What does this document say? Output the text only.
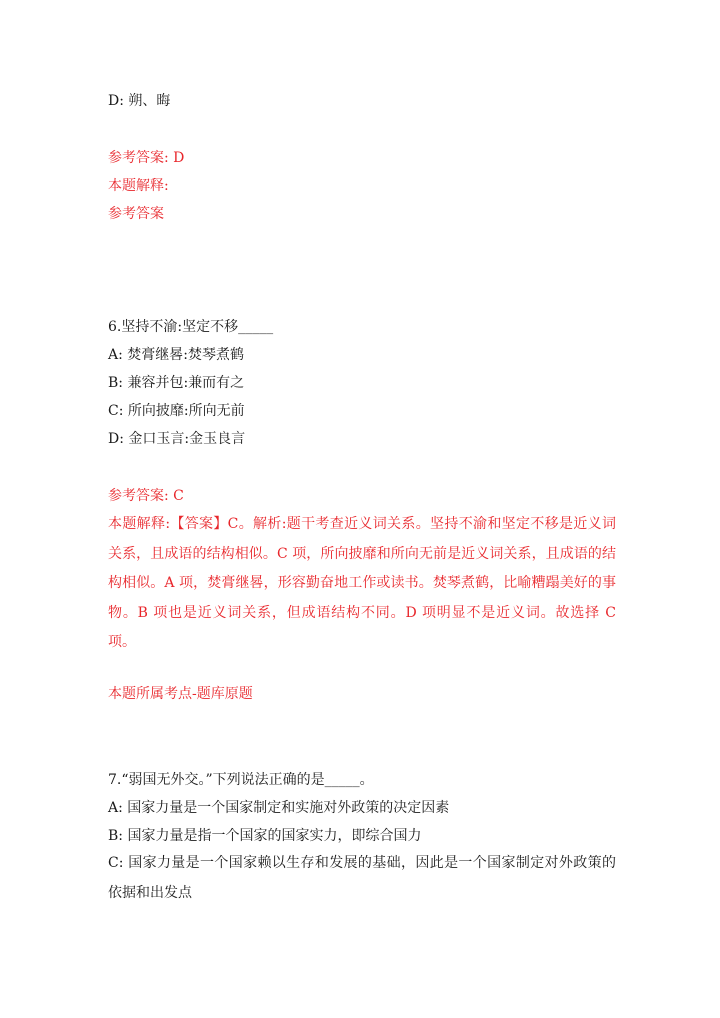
D: 朔、晦
参考答案: D
本题解释:
参考答案
6.坚持不渝:坚定不移_____
A: 焚膏继晷:焚琴煮鹤
B: 兼容并包:兼而有之
C: 所向披靡:所向无前
D: 金口玉言:金玉良言
参考答案: C
本题解释:【答案】C。解析:题干考查近义词关系。坚持不渝和坚定不移是近义词关系，且成语的结构相似。C 项，所向披靡和所向无前是近义词关系，且成语的结构相似。A 项，焚膏继晷，形容勤奋地工作或读书。焚琴煮鹤，比喻糟蹋美好的事物。B 项也是近义词关系，但成语结构不同。D 项明显不是近义词。故选择 C 项。
本题所属考点-题库原题
7.“弱国无外交。”下列说法正确的是_____。
A: 国家力量是一个国家制定和实施对外政策的决定因素
B: 国家力量是指一个国家的国家实力，即综合国力
C: 国家力量是一个国家赖以生存和发展的基础，因此是一个国家制定对外政策的依据和出发点
